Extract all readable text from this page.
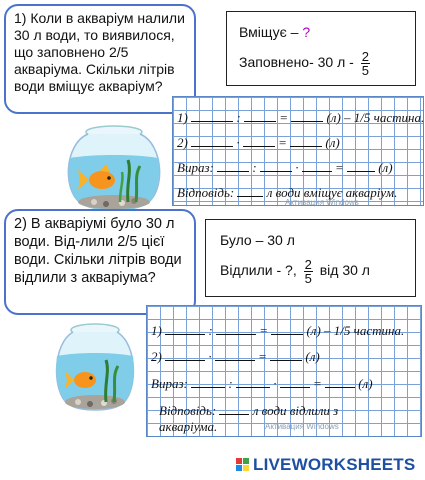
1) Коли в акваріум налили 30 л води, то виявилося, що заповнено 2/5 акваріума. Скільки літрів води вміщує акваріум?
Вміщує – ?
Заповнено- 30 л - $\frac{2}{5}$
1)	:	=	(л) – 1/5 частина.
2)	·	=	(л)
Вираз:	:	·	=	(л)
Відповідь:	л води вміщує акваріум.
Активация Windows
2) В акваріумі було 30 л води. Від-лили 2/5 цієї води. Скільки літрів води відлили з акваріума?
Було – 30 л
Відлили - ?, $\frac{2}{5}$ від 30 л
1)	:	=	(л) – 1/5 частина.
2)	·	=	(л)
Вираз:	:	·	=	(л)
Відповідь:	л води відлили з
акваріума.	Активация Windows
LIVEWORKSHEETS
